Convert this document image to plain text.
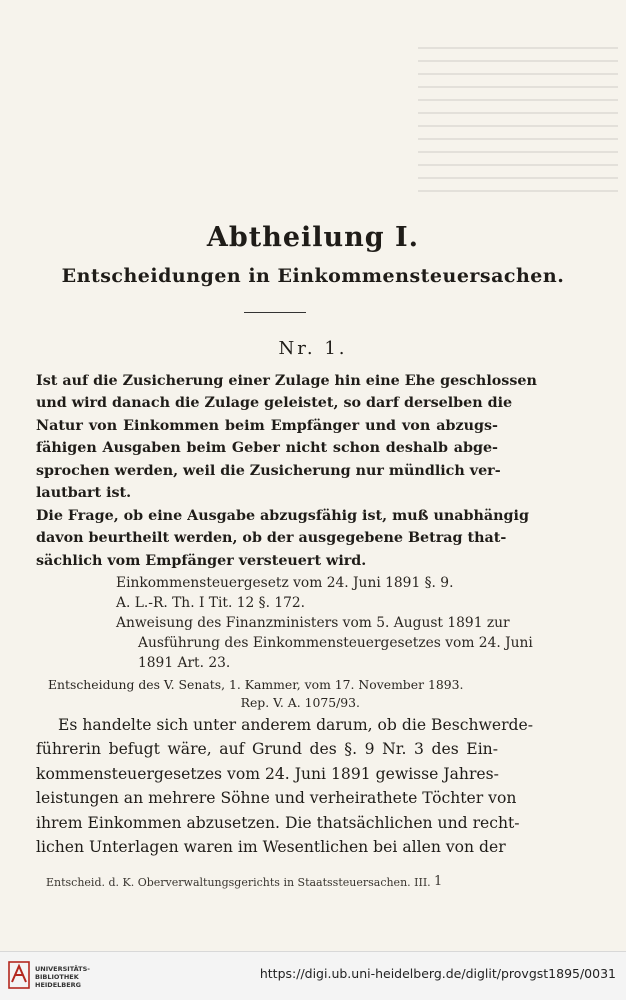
Abtheilung I.
Entscheidungen in Einkommensteuersachen.
Nr. 1.
Ist auf die Zusicherung einer Zulage hin eine Ehe geschlossen
und wird danach die Zulage geleistet, so darf derselben die
Natur von Einkommen beim Empfänger und von abzugs-
fähigen Ausgaben beim Geber nicht schon deshalb abge-
sprochen werden, weil die Zusicherung nur mündlich ver-
lautbart ist.
Die Frage, ob eine Ausgabe abzugsfähig ist, muß unabhängig
davon beurtheilt werden, ob der ausgegebene Betrag that-
sächlich vom Empfänger versteuert wird.
Einkommensteuergesetz vom 24. Juni 1891 §. 9.
A. L.-R. Th. I Tit. 12 §. 172.
Anweisung des Finanzministers vom 5. August 1891 zur
Ausführung des Einkommensteuergesetzes vom 24. Juni
1891 Art. 23.
Entscheidung des V. Senats, 1. Kammer, vom 17. November 1893.
Rep. V. A. 1075/93.
Es handelte sich unter anderem darum, ob die Beschwerde-
führerin befugt wäre, auf Grund des §. 9 Nr. 3 des Ein-
kommensteuergesetzes vom 24. Juni 1891 gewisse Jahres-
leistungen an mehrere Söhne und verheirathete Töchter von
ihrem Einkommen abzusetzen. Die thatsächlichen und recht-
lichen Unterlagen waren im Wesentlichen bei allen von der
Entscheid. d. K. Oberverwaltungsgerichts in Staatssteuersachen. III. 1
UNIVERSITÄTS-
BIBLIOTHEK
HEIDELBERG
https://digi.ub.uni-heidelberg.de/diglit/provgst1895/0031
